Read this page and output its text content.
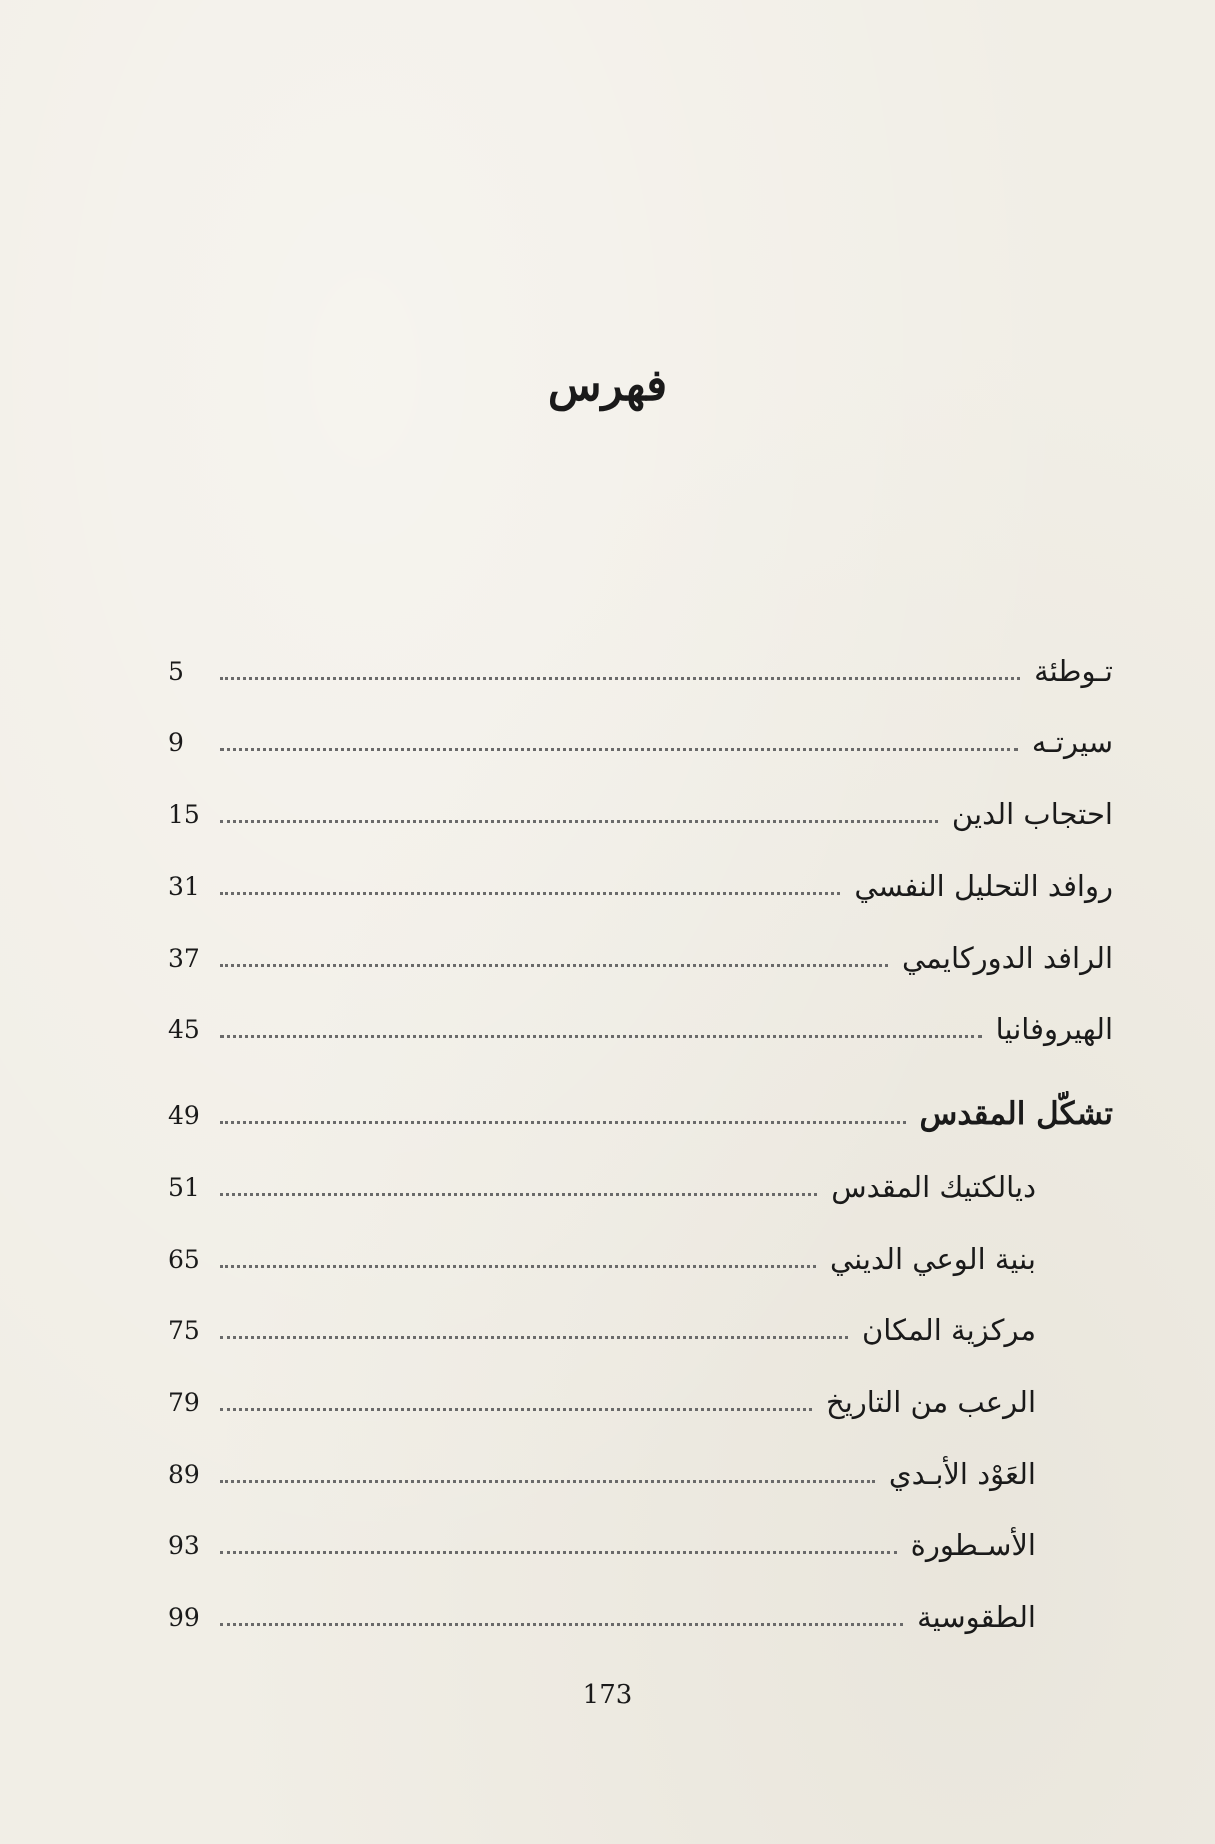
فهرس
5	تـوطئة
9	سيرتـه
15	احتجاب الدين
31	روافد التحليل النفسي
37	الرافد الدوركايمي
45	الهيروفانيا
49	تشكّل المقدس
51	ديالكتيك المقدس
65	بنية الوعي الديني
75	مركزية المكان
79	الرعب من التاريخ
89	العَوْد الأبـدي
93	الأسـطورة
99	الطقوسية
173
